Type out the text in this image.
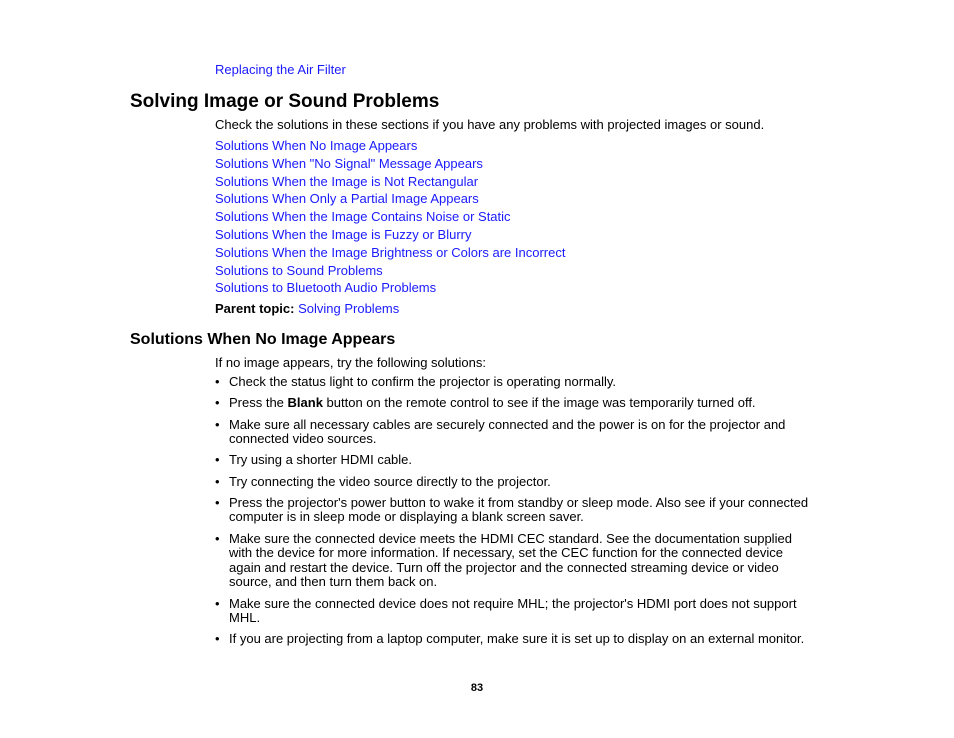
Replacing the Air Filter
Solving Image or Sound Problems

Check the solutions in these sections if you have any problems with projected images or sound.

Solutions When No Image Appears
Solutions When "No Signal" Message Appears
Solutions When the Image is Not Rectangular
Solutions When Only a Partial Image Appears
Solutions When the Image Contains Noise or Static
Solutions When the Image is Fuzzy or Blurry
Solutions When the Image Brightness or Colors are Incorrect
Solutions to Sound Problems
Solutions to Bluetooth Audio Problems

Parent topic: Solving Problems

Solutions When No Image Appears

If no image appears, try the following solutions:

• Check the status light to confirm the projector is operating normally.
• Press the Blank button on the remote control to see if the image was temporarily turned off.
• Make sure all necessary cables are securely connected and the power is on for the projector and connected video sources.
• Try using a shorter HDMI cable.
• Try connecting the video source directly to the projector.
• Press the projector's power button to wake it from standby or sleep mode. Also see if your connected computer is in sleep mode or displaying a blank screen saver.
• Make sure the connected device meets the HDMI CEC standard. See the documentation supplied with the device for more information. If necessary, set the CEC function for the connected device again and restart the device. Turn off the projector and the connected streaming device or video source, and then turn them back on.
• Make sure the connected device does not require MHL; the projector's HDMI port does not support MHL.
• If you are projecting from a laptop computer, make sure it is set up to display on an external monitor.

83
